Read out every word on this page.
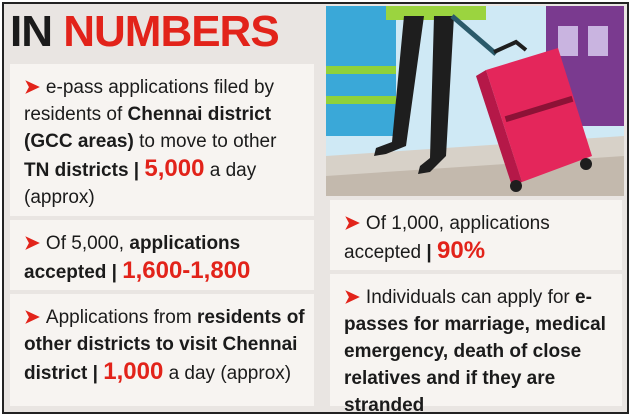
IN NUMBERS
➤ e-pass applications filed by residents of Chennai district (GCC areas) to move to other TN districts | 5,000 a day (approx)
➤ Of 5,000, applications accepted | 1,600-1,800
➤ Applications from residents of other districts to visit Chennai district | 1,000 a day (approx)
➤ Of 1,000, applications accepted | 90%
➤ Individuals can apply for e-passes for marriage, medical emergency, death of close relatives and if they are stranded
